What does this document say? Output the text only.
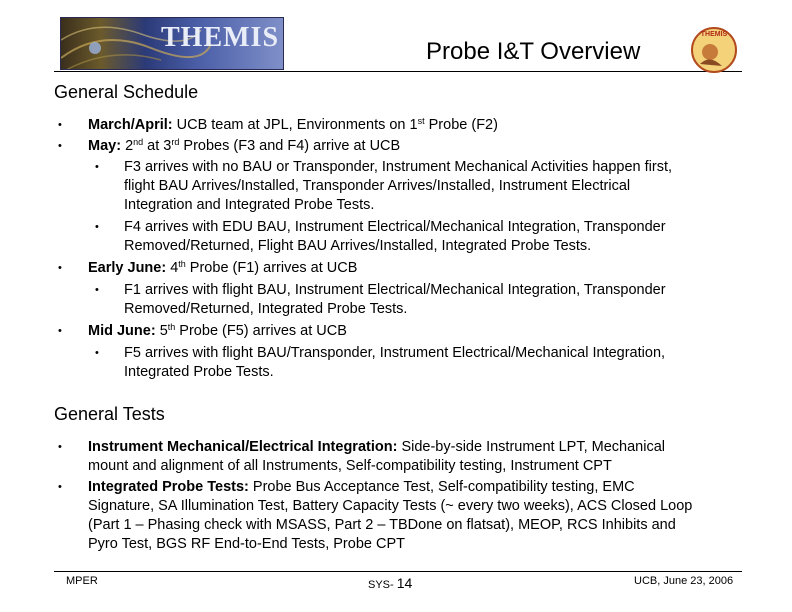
THEMIS	Probe I&T Overview
THEMIS
General Schedule
• March/April: UCB team at JPL, Environments on 1st Probe (F2)
• May: 2nd at 3rd Probes (F3 and F4) arrive at UCB
• F3 arrives with no BAU or Transponder, Instrument Mechanical Activities happen first,
flight BAU Arrives/Installed, Transponder Arrives/Installed, Instrument Electrical
Integration and Integrated Probe Tests.
• F4 arrives with EDU BAU, Instrument Electrical/Mechanical Integration, Transponder
Removed/Returned, Flight BAU Arrives/Installed, Integrated Probe Tests.
• Early June: 4th Probe (F1) arrives at UCB
• F1 arrives with flight BAU, Instrument Electrical/Mechanical Integration, Transponder
Removed/Returned, Integrated Probe Tests.
• Mid June: 5th Probe (F5) arrives at UCB
• F5 arrives with flight BAU/Transponder, Instrument Electrical/Mechanical Integration,
Integrated Probe Tests.
General Tests
• Instrument Mechanical/Electrical Integration: Side-by-side Instrument LPT, Mechanical
mount and alignment of all Instruments, Self-compatibility testing, Instrument CPT
• Integrated Probe Tests: Probe Bus Acceptance Test, Self-compatibility testing, EMC
Signature, SA Illumination Test, Battery Capacity Tests (~ every two weeks), ACS Closed Loop
(Part 1 – Phasing check with MSASS, Part 2 – TBDone on flatsat), MEOP, RCS Inhibits and
Pyro Test, BGS RF End-to-End Tests, Probe CPT
MPER	SYS- 14	UCB, June 23, 2006
